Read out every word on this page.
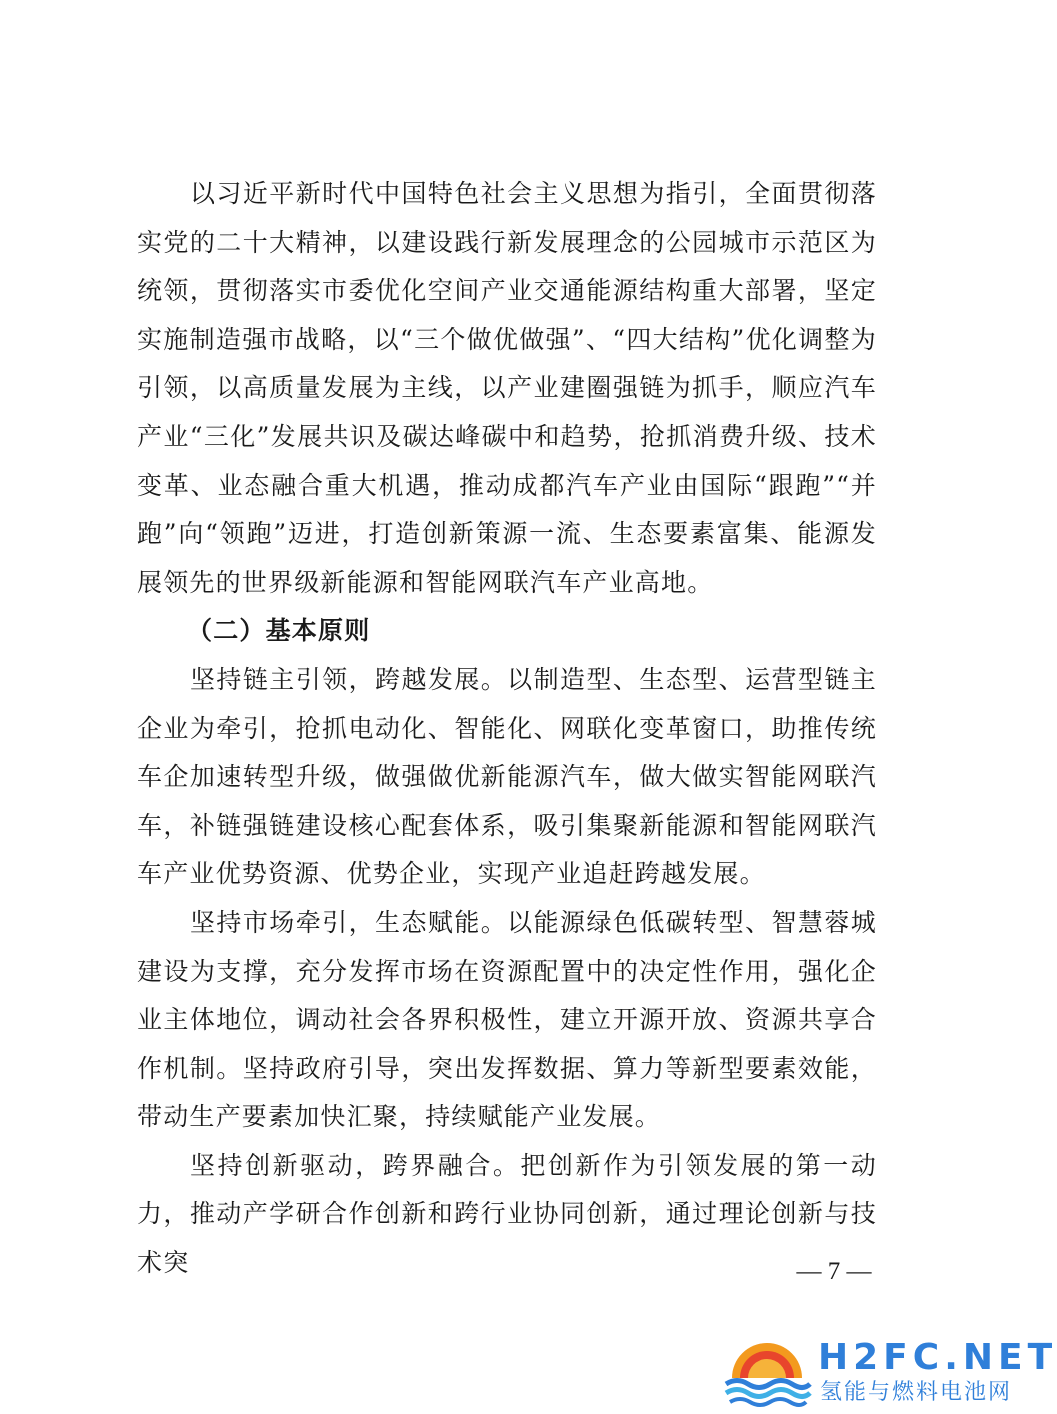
以习近平新时代中国特色社会主义思想为指引，全面贯彻落实党的二十大精神，以建设践行新发展理念的公园城市示范区为统领，贯彻落实市委优化空间产业交通能源结构重大部署，坚定实施制造强市战略，以“三个做优做强”、“四大结构”优化调整为引领，以高质量发展为主线，以产业建圈强链为抓手，顺应汽车产业“三化”发展共识及碳达峰碳中和趋势，抢抓消费升级、技术变革、业态融合重大机遇，推动成都汽车产业由国际“跟跑”“并跑”向“领跑”迈进，打造创新策源一流、生态要素富集、能源发展领先的世界级新能源和智能网联汽车产业高地。

（二）基本原则

坚持链主引领，跨越发展。以制造型、生态型、运营型链主企业为牵引，抢抓电动化、智能化、网联化变革窗口，助推传统车企加速转型升级，做强做优新能源汽车，做大做实智能网联汽车，补链强链建设核心配套体系，吸引集聚新能源和智能网联汽车产业优势资源、优势企业，实现产业追赶跨越发展。

坚持市场牵引，生态赋能。以能源绿色低碳转型、智慧蓉城建设为支撑，充分发挥市场在资源配置中的决定性作用，强化企业主体地位，调动社会各界积极性，建立开源开放、资源共享合作机制。坚持政府引导，突出发挥数据、算力等新型要素效能，带动生产要素加快汇聚，持续赋能产业发展。

坚持创新驱动，跨界融合。把创新作为引领发展的第一动力，推动产学研合作创新和跨行业协同创新，通过理论创新与技术突	— 7 —
H2FC.NET
氢能与燃料电池网
